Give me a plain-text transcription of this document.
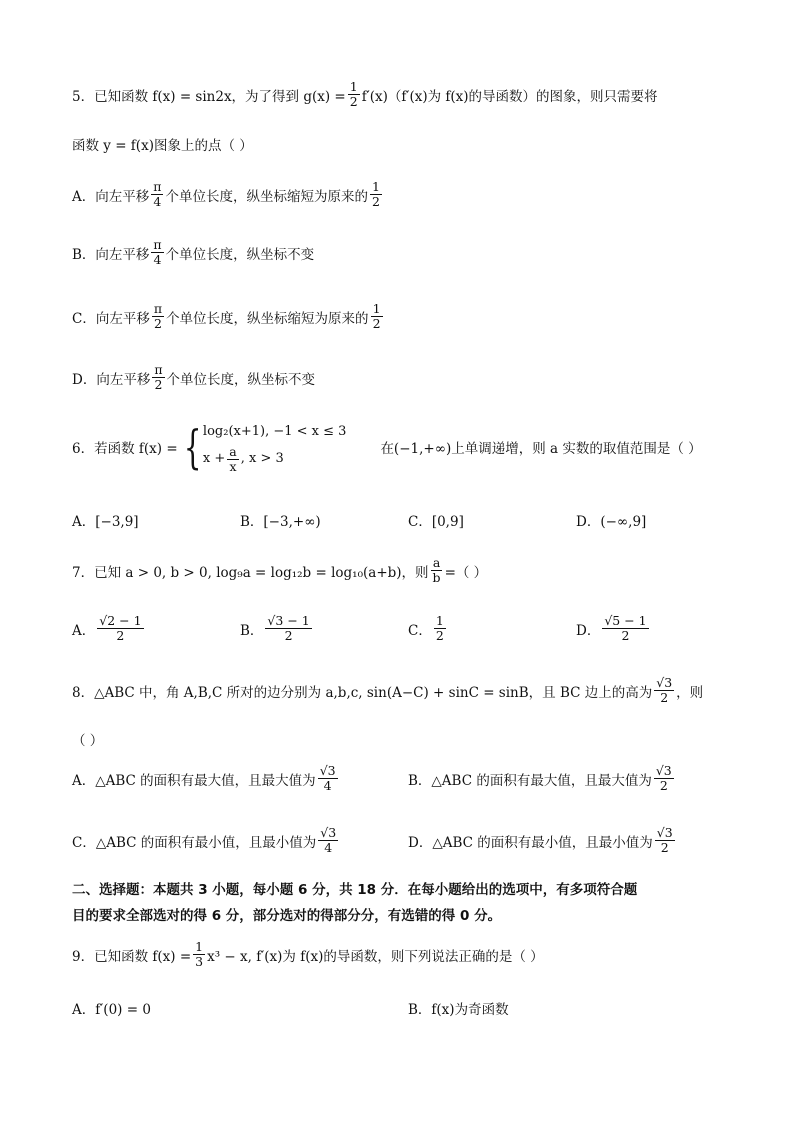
5．已知函数 f(x) = sin2x，为了得到 $g(x) = \frac{1}{2} f'(x)(f'(x)$为 f(x)的导函数）的图象，则只需要将
函数 y = f(x)图象上的点（ ）
A．向左平移 $\frac{\pi}{4}$ 个单位长度，纵坐标缩短为原来的 $\frac{1}{2}$
B．向左平移 $\frac{\pi}{4}$ 个单位长度，纵坐标不变
C．向左平移 $\frac{\pi}{2}$ 个单位长度，纵坐标缩短为原来的 $\frac{1}{2}$
D．向左平移 $\frac{\pi}{2}$ 个单位长度，纵坐标不变
6．若函数 f(x) = { log₂(x+1), −1 < x ≤ 3
$x + \frac{a}{x}$ , x > 3
在(−1,+∞)上单调递增，则 a 实数的取值范围是（ ）
A．[−3,9]	B．[−3,+∞)	C．[0,9]	D．(−∞,9]
7．已知 a > 0, b > 0, log₉a = log₁₂b = log₁₀(a+b)，则 $\frac{a}{b}$ =（ ）
A． $\frac{√2 - 1}{2}$	B． $\frac{√3 - 1}{2}$	C． $\frac{1}{2}$	D． $\frac{√5 - 1}{2}$
8．△ABC 中，角 A,B,C 所对的边分别为 a,b,c, sin(A−C) + sinC = sinB，且 BC 边上的高为 $\frac{√3}{2}$ ，则
（ ）
A．△ABC 的面积有最大值，且最大值为 $\frac{√3}{4}$	B．△ABC 的面积有最大值，且最大值为 $\frac{√3}{2}$
C．△ABC 的面积有最小值，且最小值为 $\frac{√3}{4}$	D．△ABC 的面积有最小值，且最小值为 $\frac{√3}{2}$
二、选择题：本题共 3 小题，每小题 6 分，共 18 分．在每小题给出的选项中，有多项符合题
目的要求全部选对的得 6 分，部分选对的得部分分，有选错的得 0 分。
9．已知函数 $f(x) = \frac{1}{3} x^3 - x$, f′(x)为 f(x)的导函数，则下列说法正确的是（ ）
A．f′(0) = 0	B．f(x)为奇函数
